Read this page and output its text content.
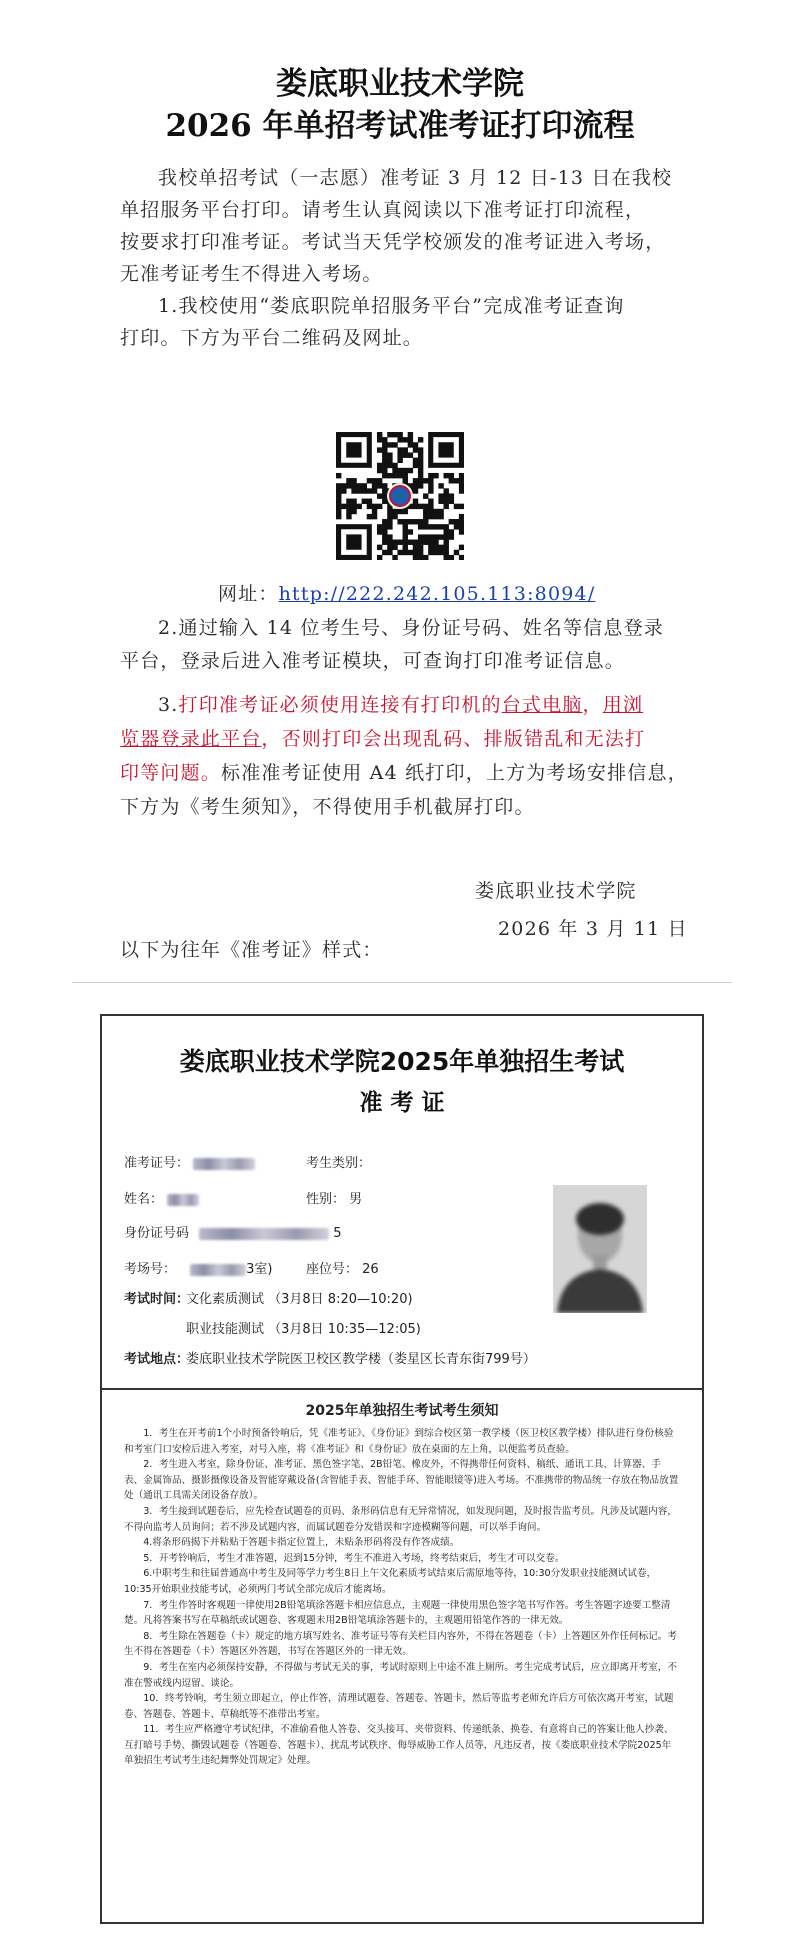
娄底职业技术学院
2026 年单招考试准考证打印流程
我校单招考试（一志愿）准考证 3 月 12 日-13 日在我校
单招服务平台打印。请考生认真阅读以下准考证打印流程，
按要求打印准考证。考试当天凭学校颁发的准考证进入考场，
无准考证考生不得进入考场。
1.我校使用“娄底职院单招服务平台”完成准考证查询
打印。下方为平台二维码及网址。
网址：http://222.242.105.113:8094/
2.通过输入 14 位考生号、身份证号码、姓名等信息登录
平台，登录后进入准考证模块，可查询打印准考证信息。
3.打印准考证必须使用连接有打印机的台式电脑，用浏
览器登录此平台，否则打印会出现乱码、排版错乱和无法打
印等问题。标准准考证使用 A4 纸打印，上方为考场安排信息，
下方为《考生须知》，不得使用手机截屏打印。
娄底职业技术学院
2026 年 3 月 11 日
以下为往年《准考证》样式：
娄底职业技术学院2025年单独招生考试
准 考 证
准考证号：	考生类别：
姓名：	性别： 男
身份证号码	5
考场号：	3室)	座位号： 26
考试时间：
文化素质测试 （3月8日 8:20—10:20)
职业技能测试 （3月8日 10:35—12:05)
考试地点：
娄底职业技术学院医卫校区教学楼（娄星区长青东街799号）
2025年单独招生考试考生须知

1．考生在开考前1个小时预备铃响后，凭《准考证》、《身份证》到综合校区第一教学楼（医卫校区教学楼）排队进行身份核验和考室门口安检后进入考室，对号入座，将《准考证》和《身份证》放在桌面的左上角，以便监考员查验。

2．考生进入考室，除身份证、准考证、黑色签字笔、2B铅笔、橡皮外，不得携带任何资料、稿纸、通讯工具、计算器、手表、金属饰品、摄影摄像设备及智能穿戴设备(含智能手表、智能手环、智能眼镜等)进入考场。不准携带的物品统一存放在物品放置处（通讯工具需关闭设备存放）。

3．考生接到试题卷后，应先检查试题卷的页码、条形码信息有无异常情况，如发现问题，及时报告监考员。凡涉及试题内容，不得向监考人员询问；若不涉及试题内容，而属试题卷分发错误和字迹模糊等问题，可以举手询问。

4.将条形码揭下并粘贴于答题卡指定位置上，未贴条形码将没有作答成绩。

5．开考铃响后，考生才准答题，迟到15分钟，考生不准进入考场，终考结束后，考生才可以交卷。

6.中职考生和往届普通高中考生及同等学力考生8日上午文化素质考试结束后需原地等待，10:30分发职业技能测试试卷，10:35开始职业技能考试，必须两门考试全部完成后才能离场。

7．考生作答时客观题一律使用2B铅笔填涂答题卡相应信息点，主观题一律使用黑色签字笔书写作答。考生答题字迹要工整清楚。凡将答案书写在草稿纸或试题卷、客观题未用2B铅笔填涂答题卡的，主观题用铅笔作答的一律无效。

8．考生除在答题卷（卡）规定的地方填写姓名、准考证号等有关栏目内容外，不得在答题卷（卡）上答题区外作任何标记。考生不得在答题卷（卡）答题区外答题，书写在答题区外的一律无效。

9．考生在室内必须保持安静，不得做与考试无关的事，考试时原则上中途不准上厕所。考生完成考试后，应立即离开考室，不准在警戒线内逗留、谈论。

10．终考铃响，考生须立即起立，停止作答，清理试题卷、答题卷、答题卡，然后等监考老师允许后方可依次离开考室，试题卷、答题卷、答题卡、草稿纸等不准带出考室。

11．考生应严格遵守考试纪律，不准偷看他人答卷、交头接耳、夹带资料、传递纸条、换卷、有意将自己的答案让他人抄袭、互打暗号手势、撕毁试题卷（答题卷、答题卡）、扰乱考试秩序、侮辱威胁工作人员等，凡违反者，按《娄底职业技术学院2025年单独招生考试考生违纪舞弊处罚规定》处理。
